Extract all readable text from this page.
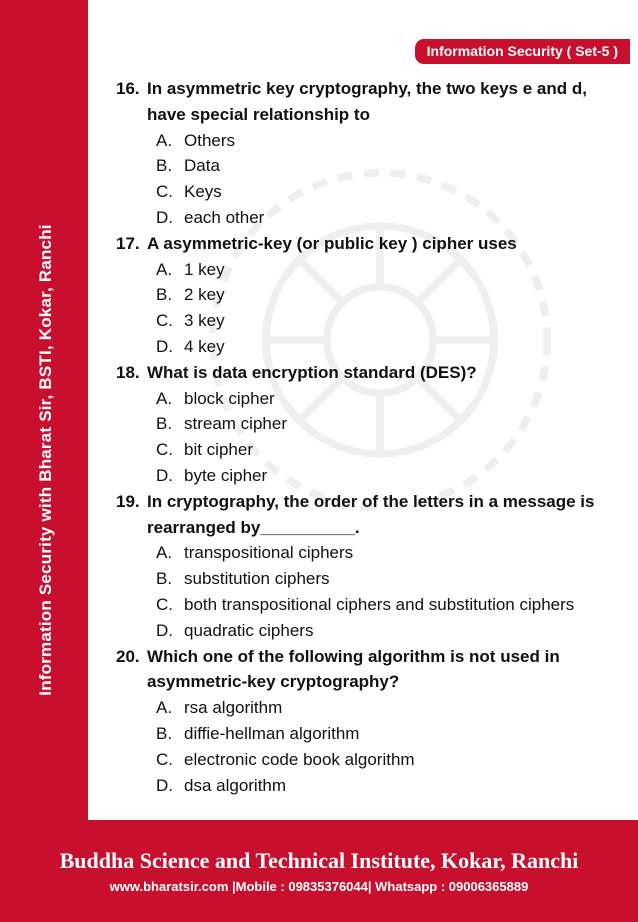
Information Security with Bharat Sir, BSTI, Kokar, Ranchi
Information Security ( Set-5 )
16. In asymmetric key cryptography, the two keys e and d, have special relationship to
A. Others
B. Data
C. Keys
D. each other
17. A asymmetric-key (or public key ) cipher uses
A. 1 key
B. 2 key
C. 3 key
D. 4 key
18. What is data encryption standard (DES)?
A. block cipher
B. stream cipher
C. bit cipher
D. byte cipher
19. In cryptography, the order of the letters in a message is rearranged by__________.
A. transpositional ciphers
B. substitution ciphers
C. both transpositional ciphers and substitution ciphers
D. quadratic ciphers
20. Which one of the following algorithm is not used in asymmetric-key cryptography?
A. rsa algorithm
B. diffie-hellman algorithm
C. electronic code book algorithm
D. dsa algorithm
Buddha Science and Technical Institute, Kokar, Ranchi
www.bharatsir.com |Mobile : 09835376044| Whatsapp : 09006365889
